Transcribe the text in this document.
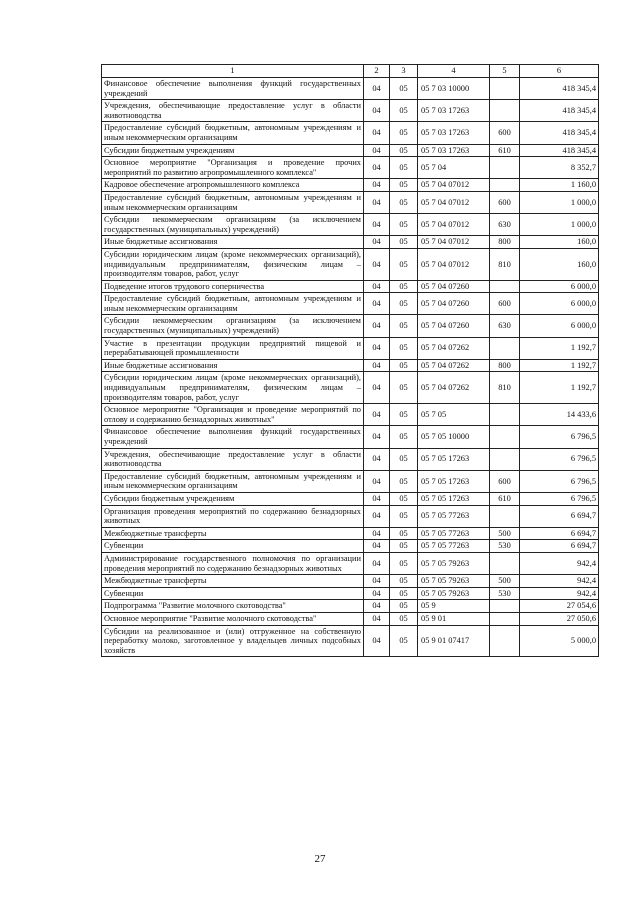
1	2	3	4	5	6
Финансовое обеспечение выполнения функций государственных учреждений	04	05	05 7 03 10000		418 345,4
Учреждения, обеспечивающие предоставление услуг в области животноводства	04	05	05 7 03 17263		418 345,4
Предоставление субсидий бюджетным, автономным учреждениям и иным некоммерческим организациям	04	05	05 7 03 17263	600	418 345,4
Субсидии бюджетным учреждениям	04	05	05 7 03 17263	610	418 345,4
Основное мероприятие "Организация и проведение прочих мероприятий по развитию агропромышленного комплекса"	04	05	05 7 04		8 352,7
Кадровое обеспечение агропромышленного комплекса	04	05	05 7 04 07012		1 160,0
Предоставление субсидий бюджетным, автономным учреждениям и иным некоммерческим организациям	04	05	05 7 04 07012	600	1 000,0
Субсидии некоммерческим организациям (за исключением государственных (муниципальных) учреждений)	04	05	05 7 04 07012	630	1 000,0
Иные бюджетные ассигнования	04	05	05 7 04 07012	800	160,0
Субсидии юридическим лицам (кроме некоммерческих организаций), индивидуальным предпринимателям, физическим лицам – производителям товаров, работ, услуг	04	05	05 7 04 07012	810	160,0
Подведение итогов трудового соперничества	04	05	05 7 04 07260		6 000,0
Предоставление субсидий бюджетным, автономным учреждениям и иным некоммерческим организациям	04	05	05 7 04 07260	600	6 000,0
Субсидии некоммерческим организациям (за исключением государственных (муниципальных) учреждений)	04	05	05 7 04 07260	630	6 000,0
Участие в презентации продукции предприятий пищевой и перерабатывающей промышленности	04	05	05 7 04 07262		1 192,7
Иные бюджетные ассигнования	04	05	05 7 04 07262	800	1 192,7
Субсидии юридическим лицам (кроме некоммерческих организаций), индивидуальным предпринимателям, физическим лицам – производителям товаров, работ, услуг	04	05	05 7 04 07262	810	1 192,7
Основное мероприятие "Организация и проведение мероприятий по отлову и содержанию безнадзорных животных"	04	05	05 7 05		14 433,6
Финансовое обеспечение выполнения функций государственных учреждений	04	05	05 7 05 10000		6 796,5
Учреждения, обеспечивающие предоставление услуг в области животноводства	04	05	05 7 05 17263		6 796,5
Предоставление субсидий бюджетным, автономным учреждениям и иным некоммерческим организациям	04	05	05 7 05 17263	600	6 796,5
Субсидии бюджетным учреждениям	04	05	05 7 05 17263	610	6 796,5
Организация проведения мероприятий по содержанию безнадзорных животных	04	05	05 7 05 77263		6 694,7
Межбюджетные трансферты	04	05	05 7 05 77263	500	6 694,7
Субвенции	04	05	05 7 05 77263	530	6 694,7
Администрирование государственного полномочия по организации проведения мероприятий по содержанию безнадзорных животных	04	05	05 7 05 79263		942,4
Межбюджетные трансферты	04	05	05 7 05 79263	500	942,4
Субвенции	04	05	05 7 05 79263	530	942,4
Подпрограмма "Развитие молочного скотоводства"	04	05	05 9		27 054,6
Основное мероприятие "Развитие молочного скотоводства"	04	05	05 9 01		27 050,6
Субсидии на реализованное и (или) отгруженное на собственную переработку молоко, заготовленное у владельцев личных подсобных хозяйств	04	05	05 9 01 07417		5 000,0
27
